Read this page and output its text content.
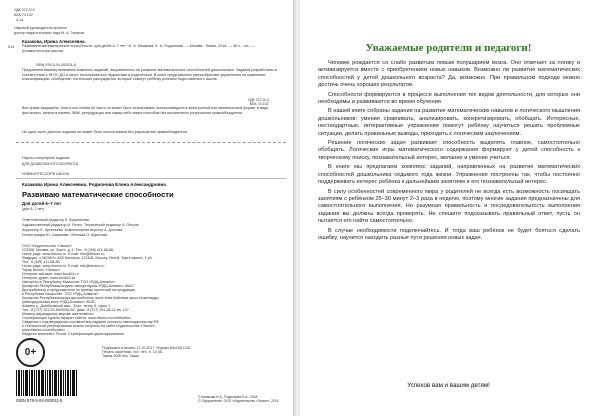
УДК 372.3/.4
ББК 74.102
4-14
Научный руководитель проекта
доктор педагогических наук М. А. Зиганов
Казакова, Ирина Алексеевна.
К14 Развиваем математические способности: для детей 6–7 лет / И. А. Казакова, Е. А. Родионова. — Москва : Эксмо, 2018. — 96 с. : ил. — (Изимонтессори школа).
ISBN 978-5-04-093011-8
Предлагаем вашему вниманию комплекс заданий, направленных на развитие математических способностей дошкольника. Задания разработаны в соответствии с ФГОС ДО и могут использоваться педагогами и родителями. В книге представлены разнообразные упражнения на сравнение, классификацию, обобщение, логические рассуждения, которые помогут ребёнку успешно подготовиться к школе.
УДК 372.3/.4
ББК 74.102
Все права защищены. Книга или любая её часть не может быть скопирована, воспроизведена в электронной или механической форме, в виде фотокопии, записи в память ЭВМ, репродукции или каким-либо иным способом без письменного разрешения правообладателя.
Ни одна часть данного издания не может быть использована без разрешения правообладателя.
Научно-популярное издание
ДЛЯ ДОШКОЛЬНОГО ВОЗРАСТА
ИЗИМОНТЕССОРИ ШКОЛА
Казакова Ирина Алексеевна, Родионова Елена Александровна
Развиваю математические способности
Для детей 6–7 лет
(для 6–7 лет)
Ответственный редактор Е. Куприянова
Художественный редактор И. Ратно  Технический редактор А. Петров
Корректор Е. Арсеньева  Компьютерная верстка А. Долгова
Иллюстрации Ю. Смирнова  Обложка О. Кирисова
ООО «Издательство «Эксмо»
123308, Москва, ул. Зорге, д. 1. Тел.: 8 (495) 411-68-86.
Home page: www.eksmo.ru  E-mail: info@eksmo.ru
Өндіруші: «ЭКСМО» АҚБ Баспасы, 123308, Мәскеу, Ресей, Зорге көшесі, 1 үй.
Тел.: 8 (495) 411-68-86.
Home page: www.eksmo.ru  E-mail: info@eksmo.ru
Тауар белгісі: «Эксмо»
Интернет-магазин: www.book24.ru
Интернет-дүкен: www.book24.kz
Импортёр в Республику Казахстан ТОО «РДЦ-Алматы».
Қазақстан Республикасындағы импорттаушы «РДЦ-Алматы» ЖШС.
Дистрибьютор и представитель по приему претензий на продукцию,
в Республике Казахстан: ТОО «РДЦ-Алматы»
Қазақстан Республикасында дистрибьютор және өнім бойынша арыз-талаптарды
қабылдаушының өкілі «РДЦ-Алматы» ЖШС,
Алматы қ., Домбровский көш., 3«а», литер Б, офис 1.
Тел.: 8 (727) 251-59-89/90/91/92, факс: 8 (727) 251-58-12 вн. 107.
Өнімнің жарамдылық мерзімі шектелмеген.
Сертификация туралы ақпарат сайтта: www.eksmo.ru/certification
Сведения о подтверждении соответствия издания согласно законодательству РФ
о техническом регулировании можно получить на сайте Издательства «Эксмо»
www.eksmo.ru/certification
Өндірген мемлекет: Ресей. Сертификация қарастырылмаған
Подписано в печать 17.10.2017. Формат 84x108 1/16.
Печать офсетная. Усл. печ. л. 10,08.
Тираж 4000 экз. Заказ
0+
ISBN 978-5-04-093011-8
© Казакова И.А., Родионова Е.А., 2018
© Оформление. ООО «Издательство «Эксмо», 2018
Уважаемые родители и педагоги!

Человек рождается со слабо развитым левым полушарием мозга. Оно отвечает за логику и активизируется вместе с приобретением новых навыков. Возможно ли развитие математических способностей у детей дошкольного возраста? Да, возможно. При правильном подходе можно достичь очень хороших результатов.

Способности формируются в процессе выполнения тех видов деятельности, для которых они необходимы и развиваются во время обучения.

В нашей книге собраны задания на развитие математических навыков и логического мышления дошкольников: умения сравнивать, анализировать, конкретизировать, обобщать. Интересные, нестандартные, интерактивные упражнения помогут ребёнку научиться решать проблемные ситуации, делать правильные выводы, приходить к логическим заключениям.

Решение логических задач развивает способность выделять главное, самостоятельно обобщать. Логические игры математического содержания формируют у детей способность к творческому поиску, познавательный интерес, желание и умение учиться.

В книге мы предлагаем комплекс заданий, направленных на развитие математических способностей дошкольника седьмого года жизни. Упражнения построены так, чтобы постоянно поддерживать интерес ребёнка к дальнейшим занятиям и его познавательный интерес.

В силу особенностей современного мира у родителей не всегда есть возможность посвящать занятиям с ребёнком 25–30 минут 2–3 раза в неделю, поэтому многие задания предназначены для самостоятельного выполнения. Но разумная правильность и последовательность выполнения задания вы должны всегда проверять. Не спешите подсказывать правильный ответ, пусть он пытается его найти самостоятельно.

В случае необходимости подключайтесь. И тогда ваш ребёнок не будет бояться сделать ошибку, научится находить разные пути решения новых задач.

Успехов вам и вашим детям!
